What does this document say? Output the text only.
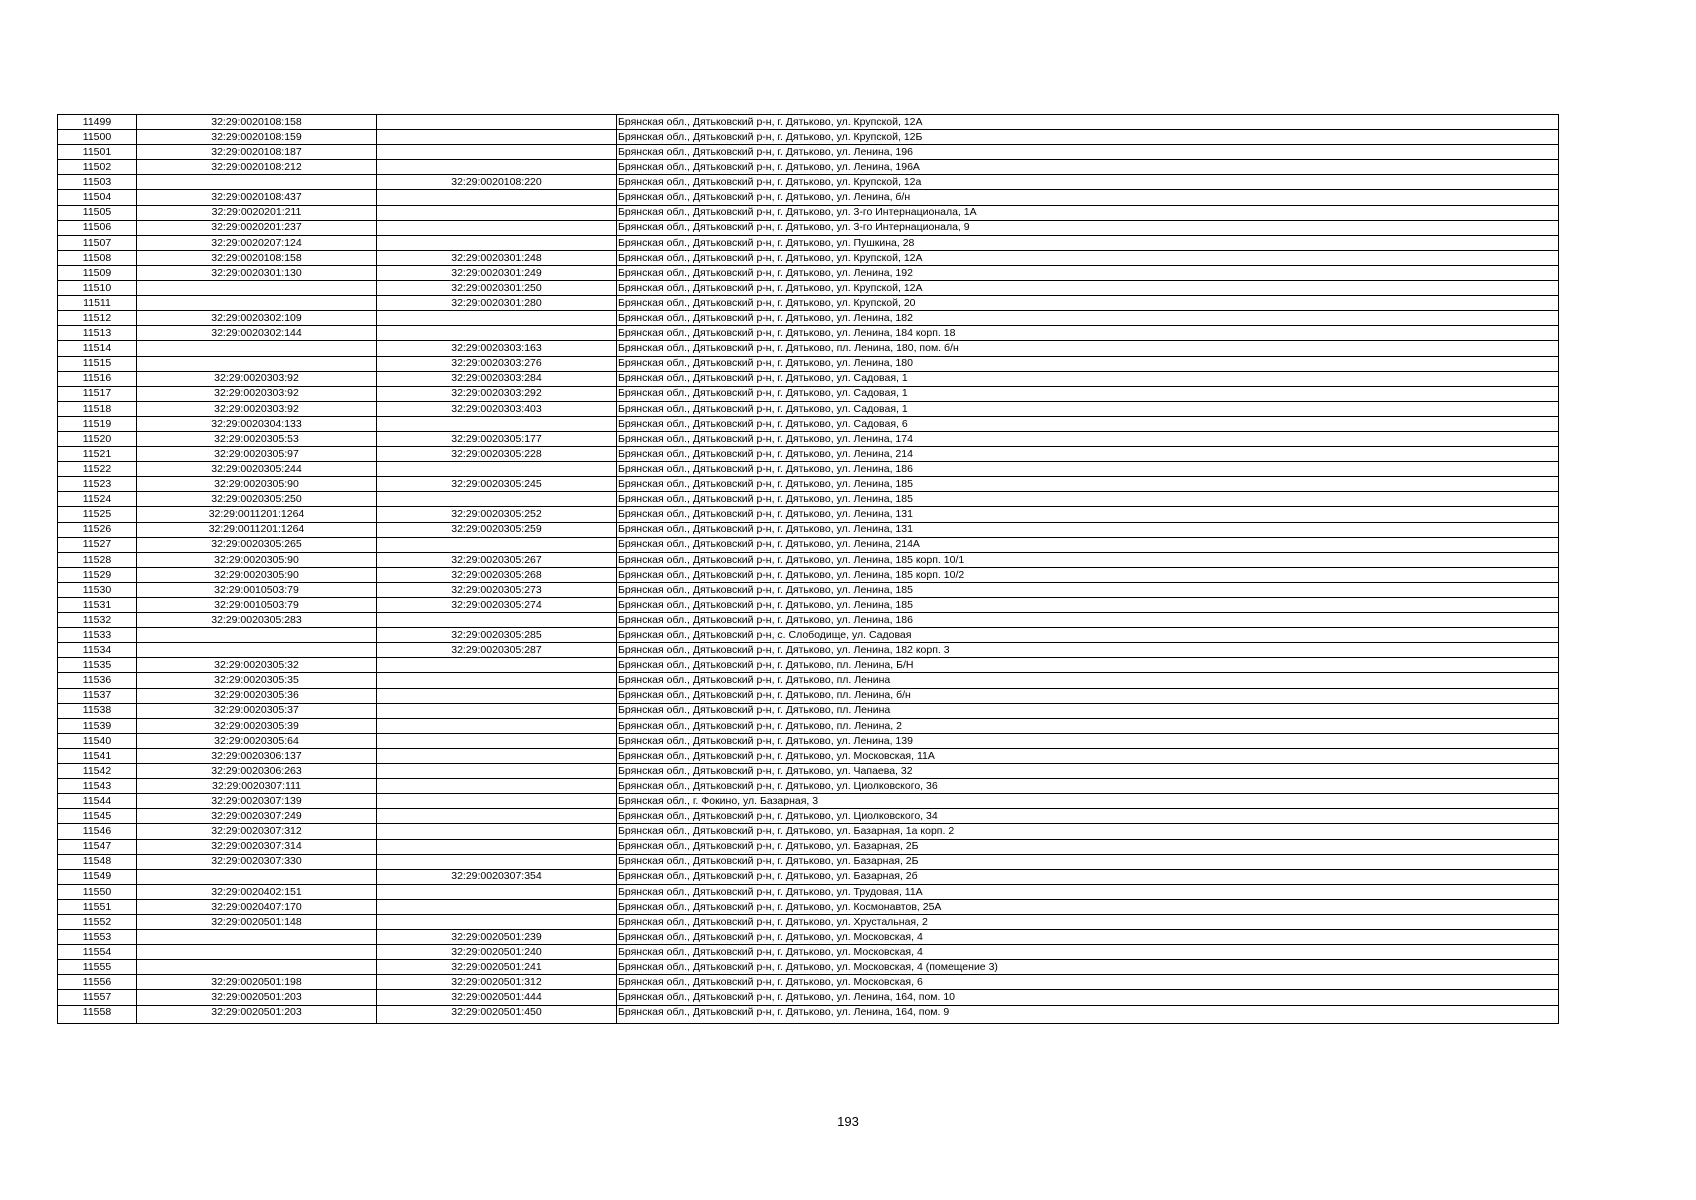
11499	32:29:0020108:158		Брянская обл., Дятьковский р-н, г. Дятьково, ул. Крупской, 12А
11500	32:29:0020108:159		Брянская обл., Дятьковский р-н, г. Дятьково, ул. Крупской, 12Б
11501	32:29:0020108:187		Брянская обл., Дятьковский р-н, г. Дятьково, ул. Ленина, 196
11502	32:29:0020108:212		Брянская обл., Дятьковский р-н, г. Дятьково, ул. Ленина, 196А
11503		32:29:0020108:220	Брянская обл., Дятьковский р-н, г. Дятьково, ул. Крупской, 12а
11504	32:29:0020108:437		Брянская обл., Дятьковский р-н, г. Дятьково, ул. Ленина, б/н
11505	32:29:0020201:211		Брянская обл., Дятьковский р-н, г. Дятьково, ул. 3-го Интернационала, 1А
11506	32:29:0020201:237		Брянская обл., Дятьковский р-н, г. Дятьково, ул. 3-го Интернационала, 9
11507	32:29:0020207:124		Брянская обл., Дятьковский р-н, г. Дятьково, ул. Пушкина, 28
11508	32:29:0020108:158	32:29:0020301:248	Брянская обл., Дятьковский р-н, г. Дятьково, ул. Крупской, 12А
11509	32:29:0020301:130	32:29:0020301:249	Брянская обл., Дятьковский р-н, г. Дятьково, ул. Ленина, 192
11510		32:29:0020301:250	Брянская обл., Дятьковский р-н, г. Дятьково, ул. Крупской, 12А
11511		32:29:0020301:280	Брянская обл., Дятьковский р-н, г. Дятьково, ул. Крупской, 20
11512	32:29:0020302:109		Брянская обл., Дятьковский р-н, г. Дятьково, ул. Ленина, 182
11513	32:29:0020302:144		Брянская обл., Дятьковский р-н, г. Дятьково, ул. Ленина, 184 корп. 18
11514		32:29:0020303:163	Брянская обл., Дятьковский р-н, г. Дятьково, пл. Ленина, 180, пом. б/н
11515		32:29:0020303:276	Брянская обл., Дятьковский р-н, г. Дятьково, ул. Ленина, 180
11516	32:29:0020303:92	32:29:0020303:284	Брянская обл., Дятьковский р-н, г. Дятьково, ул. Садовая, 1
11517	32:29:0020303:92	32:29:0020303:292	Брянская обл., Дятьковский р-н, г. Дятьково, ул. Садовая, 1
11518	32:29:0020303:92	32:29:0020303:403	Брянская обл., Дятьковский р-н, г. Дятьково, ул. Садовая, 1
11519	32:29:0020304:133		Брянская обл., Дятьковский р-н, г. Дятьково, ул. Садовая, 6
11520	32:29:0020305:53	32:29:0020305:177	Брянская обл., Дятьковский р-н, г. Дятьково, ул. Ленина, 174
11521	32:29:0020305:97	32:29:0020305:228	Брянская обл., Дятьковский р-н, г. Дятьково, ул. Ленина, 214
11522	32:29:0020305:244		Брянская обл., Дятьковский р-н, г. Дятьково, ул. Ленина, 186
11523	32:29:0020305:90	32:29:0020305:245	Брянская обл., Дятьковский р-н, г. Дятьково, ул. Ленина, 185
11524	32:29:0020305:250		Брянская обл., Дятьковский р-н, г. Дятьково, ул. Ленина, 185
11525	32:29:0011201:1264	32:29:0020305:252	Брянская обл., Дятьковский р-н, г. Дятьково, ул. Ленина, 131
11526	32:29:0011201:1264	32:29:0020305:259	Брянская обл., Дятьковский р-н, г. Дятьково, ул. Ленина, 131
11527	32:29:0020305:265		Брянская обл., Дятьковский р-н, г. Дятьково, ул. Ленина, 214А
11528	32:29:0020305:90	32:29:0020305:267	Брянская обл., Дятьковский р-н, г. Дятьково, ул. Ленина, 185 корп. 10/1
11529	32:29:0020305:90	32:29:0020305:268	Брянская обл., Дятьковский р-н, г. Дятьково, ул. Ленина, 185 корп. 10/2
11530	32:29:0010503:79	32:29:0020305:273	Брянская обл., Дятьковский р-н, г. Дятьково, ул. Ленина, 185
11531	32:29:0010503:79	32:29:0020305:274	Брянская обл., Дятьковский р-н, г. Дятьково, ул. Ленина, 185
11532	32:29:0020305:283		Брянская обл., Дятьковский р-н, г. Дятьково, ул. Ленина, 186
11533		32:29:0020305:285	Брянская обл., Дятьковский р-н, с. Слободище, ул. Садовая
11534		32:29:0020305:287	Брянская обл., Дятьковский р-н, г. Дятьково, ул. Ленина, 182 корп. 3
11535	32:29:0020305:32		Брянская обл., Дятьковский р-н, г. Дятьково, пл. Ленина, Б/Н
11536	32:29:0020305:35		Брянская обл., Дятьковский р-н, г. Дятьково, пл. Ленина
11537	32:29:0020305:36		Брянская обл., Дятьковский р-н, г. Дятьково, пл. Ленина, б/н
11538	32:29:0020305:37		Брянская обл., Дятьковский р-н, г. Дятьково, пл. Ленина
11539	32:29:0020305:39		Брянская обл., Дятьковский р-н, г. Дятьково, пл. Ленина, 2
11540	32:29:0020305:64		Брянская обл., Дятьковский р-н, г. Дятьково, ул. Ленина, 139
11541	32:29:0020306:137		Брянская обл., Дятьковский р-н, г. Дятьково, ул. Московская, 11А
11542	32:29:0020306:263		Брянская обл., Дятьковский р-н, г. Дятьково, ул. Чапаева, 32
11543	32:29:0020307:111		Брянская обл., Дятьковский р-н, г. Дятьково, ул. Циолковского, 36
11544	32:29:0020307:139		Брянская обл., г. Фокино, ул. Базарная, 3
11545	32:29:0020307:249		Брянская обл., Дятьковский р-н, г. Дятьково, ул. Циолковского, 34
11546	32:29:0020307:312		Брянская обл., Дятьковский р-н, г. Дятьково, ул. Базарная, 1а корп. 2
11547	32:29:0020307:314		Брянская обл., Дятьковский р-н, г. Дятьково, ул. Базарная, 2Б
11548	32:29:0020307:330		Брянская обл., Дятьковский р-н, г. Дятьково, ул. Базарная, 2Б
11549		32:29:0020307:354	Брянская обл., Дятьковский р-н, г. Дятьково, ул. Базарная, 2б
11550	32:29:0020402:151		Брянская обл., Дятьковский р-н, г. Дятьково, ул. Трудовая, 11А
11551	32:29:0020407:170		Брянская обл., Дятьковский р-н, г. Дятьково, ул. Космонавтов, 25А
11552	32:29:0020501:148		Брянская обл., Дятьковский р-н, г. Дятьково, ул. Хрустальная, 2
11553		32:29:0020501:239	Брянская обл., Дятьковский р-н, г. Дятьково, ул. Московская, 4
11554		32:29:0020501:240	Брянская обл., Дятьковский р-н, г. Дятьково, ул. Московская, 4
11555		32:29:0020501:241	Брянская обл., Дятьковский р-н, г. Дятьково, ул. Московская, 4 (помещение 3)
11556	32:29:0020501:198	32:29:0020501:312	Брянская обл., Дятьковский р-н, г. Дятьково, ул. Московская, 6
11557	32:29:0020501:203	32:29:0020501:444	Брянская обл., Дятьковский р-н, г. Дятьково, ул. Ленина, 164, пом. 10
11558	32:29:0020501:203	32:29:0020501:450	Брянская обл., Дятьковский р-н, г. Дятьково, ул. Ленина, 164, пом. 9
193
